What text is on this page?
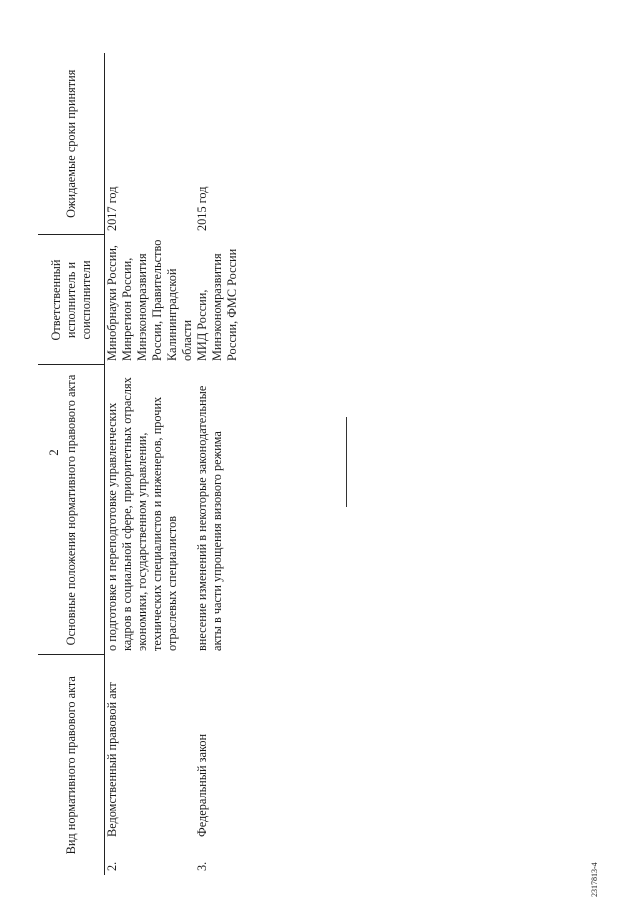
2
Вид нормативного правового акта	Основные положения нормативного правового акта	Ответственный исполнитель и соисполнители	Ожидаемые сроки принятия
2.Ведомственный правовой акт	о подготовке и переподготовке управленческих кадров в социальной сфере, приоритетных отраслях экономики, государственном управлении, технических специалистов и инженеров, прочих отраслевых специалистов	Минобрнауки России, Минрегион России, Минэкономразвития России, Правительство Калининградской области	2017 год
3.Федеральный закон	внесение изменений в некоторые законодательные акты в части упрощения визового режима	МИД России, Минэкономразвития России, ФМС России	2015 год
2317813-4
